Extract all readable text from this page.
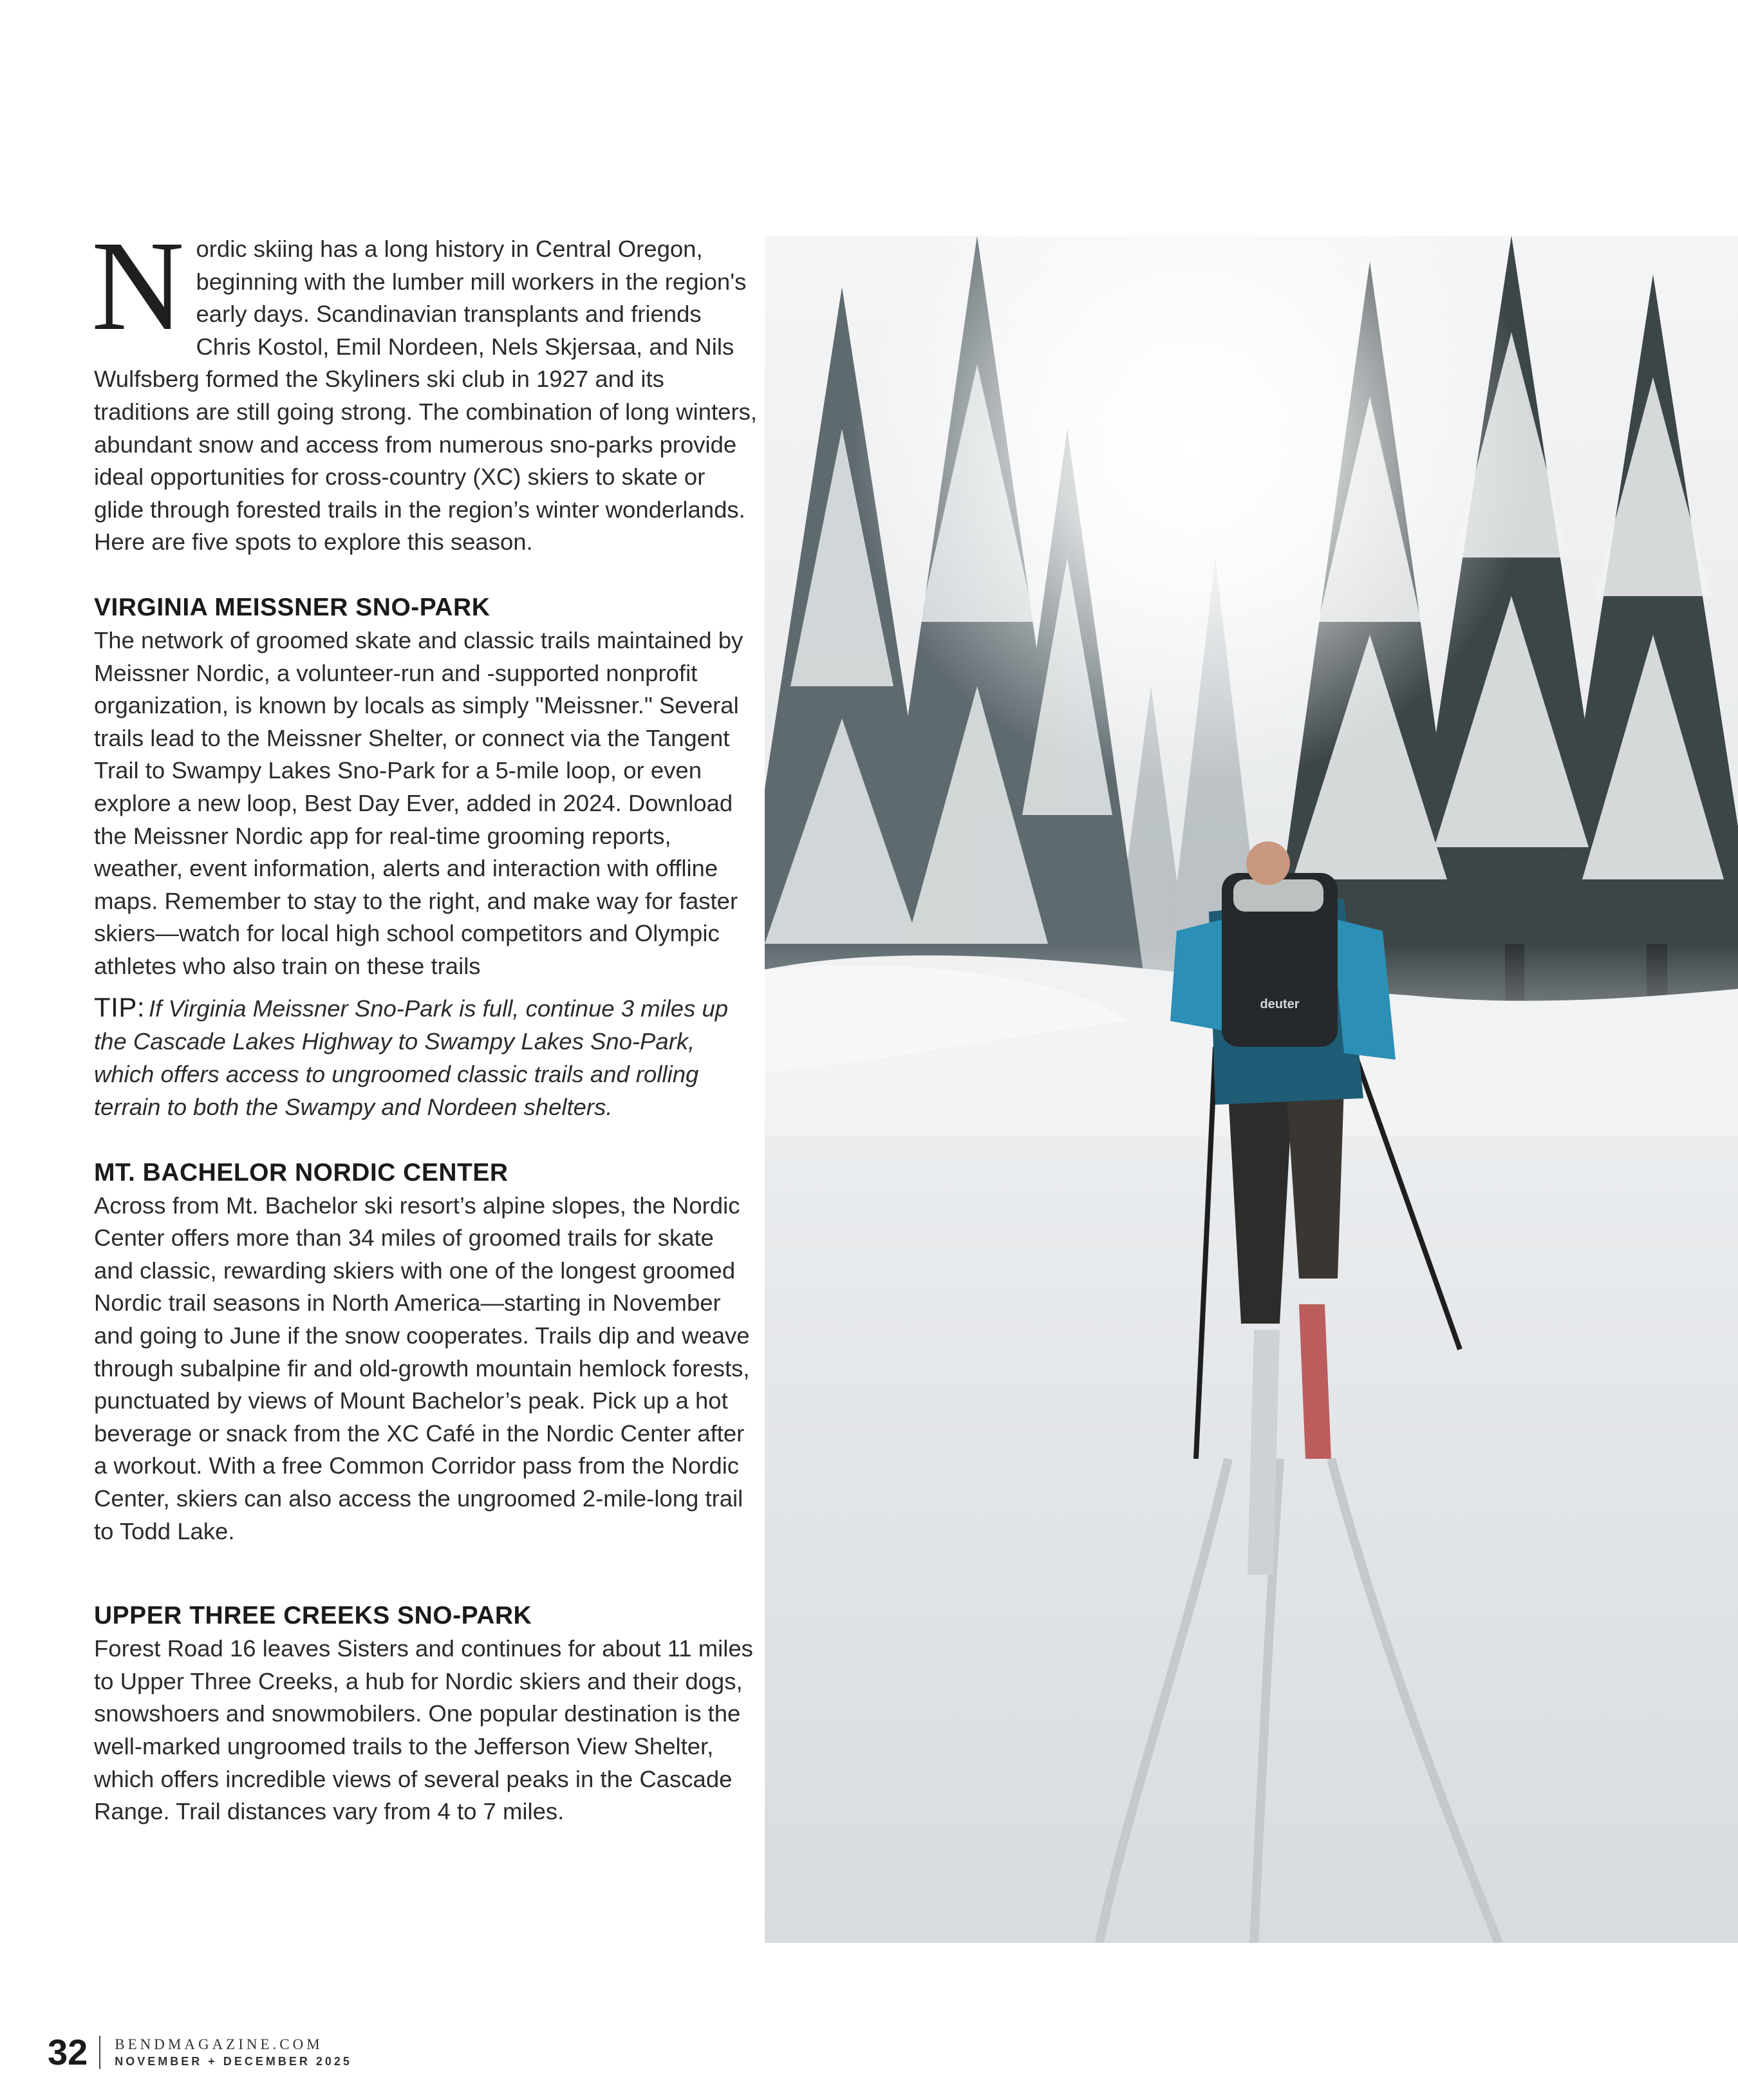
Nordic skiing has a long history in Central Oregon, beginning with the lumber mill workers in the region's early days. Scandinavian transplants and friends Chris Kostol, Emil Nordeen, Nels Skjersaa, and Nils Wulfsberg formed the Skyliners ski club in 1927 and its traditions are still going strong. The combination of long winters, abundant snow and access from numerous sno-parks provide ideal opportunities for cross-country (XC) skiers to skate or glide through forested trails in the region’s winter wonderlands. Here are five spots to explore this season.

VIRGINIA MEISSNER SNO-PARK

The network of groomed skate and classic trails maintained by Meissner Nordic, a volunteer-run and -supported nonprofit organization, is known by locals as simply "Meissner." Several trails lead to the Meissner Shelter, or connect via the Tangent Trail to Swampy Lakes Sno-Park for a 5-mile loop, or even explore a new loop, Best Day Ever, added in 2024. Download the Meissner Nordic app for real-time grooming reports, weather, event information, alerts and interaction with offline maps. Remember to stay to the right, and make way for faster skiers—watch for local high school competitors and Olympic athletes who also train on these trails

TIP: If Virginia Meissner Sno-Park is full, continue 3 miles up the Cascade Lakes Highway to Swampy Lakes Sno-Park, which offers access to ungroomed classic trails and rolling terrain to both the Swampy and Nordeen shelters.

MT. BACHELOR NORDIC CENTER

Across from Mt. Bachelor ski resort’s alpine slopes, the Nordic Center offers more than 34 miles of groomed trails for skate and classic, rewarding skiers with one of the longest groomed Nordic trail seasons in North America—starting in November and going to June if the snow cooperates. Trails dip and weave through subalpine fir and old-growth mountain hemlock forests, punctuated by views of Mount Bachelor’s peak. Pick up a hot beverage or snack from the XC Café in the Nordic Center after a workout. With a free Common Corridor pass from the Nordic Center, skiers can also access the ungroomed 2-mile-long trail to Todd Lake.

UPPER THREE CREEKS SNO-PARK

Forest Road 16 leaves Sisters and continues for about 11 miles to Upper Three Creeks, a hub for Nordic skiers and their dogs, snowshoers and snowmobilers. One popular destination is the well-marked ungroomed trails to the Jefferson View Shelter, which offers incredible views of several peaks in the Cascade Range. Trail distances vary from 4 to 7 miles.

deuter
32 BENDMAGAZINE.COM
NOVEMBER + DECEMBER 2025
